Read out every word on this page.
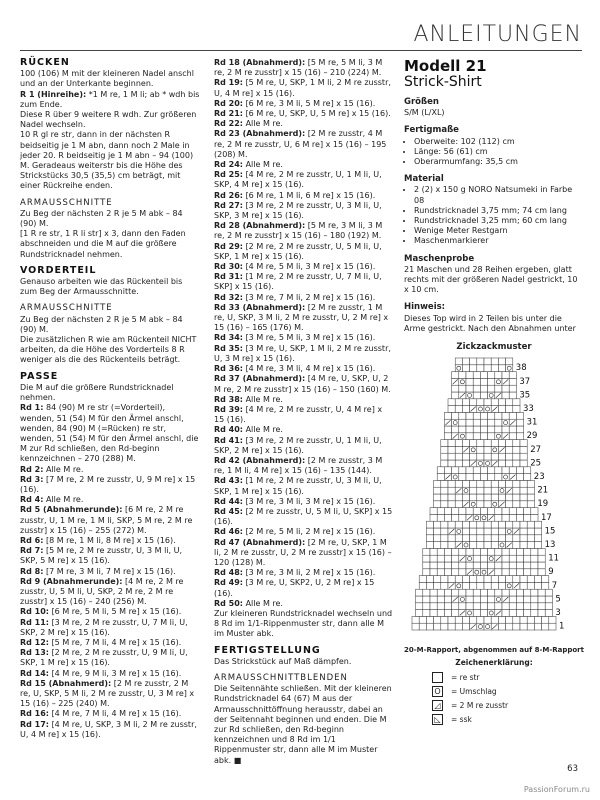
ANLEITUNGEN
RÜCKEN

100 (106) M mit der kleineren Nadel anschl und an der Unterkante beginnen.

R 1 (Hinreihe): *1 M re, 1 M li; ab * wdh bis zum Ende.

Diese R über 9 weitere R wdh. Zur größeren Nadel wechseln.

10 R gl re str, dann in der nächsten R beidseitig je 1 M abn, dann noch 2 Male in jeder 20. R beidseitig je 1 M abn – 94 (100) M. Geradeaus weiterstr bis die Höhe des Strickstücks 30,5 (35,5) cm beträgt, mit einer Rückreihe enden.

ARMAUSSCHNITTE

Zu Beg der nächsten 2 R je 5 M abk – 84 (90) M.

[1 R re str, 1 R li str] x 3, dann den Faden abschneiden und die M auf die größere Rundstricknadel nehmen.

VORDERTEIL

Genauso arbeiten wie das Rückenteil bis zum Beg der Armausschnitte.

ARMAUSSCHNITTE

Zu Beg der nächsten 2 R je 5 M abk – 84 (90) M.

Die zusätzlichen R wie am Rückenteil NICHT arbeiten, da die Höhe des Vorderteils 8 R weniger als die des Rückenteils beträgt.

PASSE

Die M auf die größere Rundstricknadel nehmen.

Rd 1: 84 (90) M re str (=Vorderteil), wenden, 51 (54) M für den Ärmel anschl, wenden, 84 (90) M (=Rücken) re str, wenden, 51 (54) M für den Ärmel anschl, die M zur Rd schließen, den Rd-beginn kennzeichnen – 270 (288) M.

Rd 2: Alle M re.

Rd 3: [7 M re, 2 M re zusstr, U, 9 M re] x 15 (16).

Rd 4: Alle M re.

Rd 5 (Abnahmerunde): [6 M re, 2 M re zusstr, U, 1 M re, 1 M li, SKP, 5 M re, 2 M re zusstr] x 15 (16) – 255 (272) M.

Rd 6: [8 M re, 1 M li, 8 M re] x 15 (16).

Rd 7: [5 M re, 2 M re zusstr, U, 3 M li, U, SKP, 5 M re] x 15 (16).

Rd 8: [7 M re, 3 M li, 7 M re] x 15 (16).

Rd 9 (Abnahmerunde): [4 M re, 2 M re zusstr, U, 5 M li, U, SKP, 2 M re, 2 M re zusstr] x 15 (16) – 240 (256) M.

Rd 10: [6 M re, 5 M li, 5 M re] x 15 (16).

Rd 11: [3 M re, 2 M re zusstr, U, 7 M li, U, SKP, 2 M re] x 15 (16).

Rd 12: [5 M re, 7 M li, 4 M re] x 15 (16).

Rd 13: [2 M re, 2 M re zusstr, U, 9 M li, U, SKP, 1 M re] x 15 (16).

Rd 14: [4 M re, 9 M li, 3 M re] x 15 (16).

Rd 15 (Abnahmerd): [2 M re zusstr, 2 M re, U, SKP, 5 M li, 2 M re zusstr, U, 3 M re] x 15 (16) – 225 (240) M.

Rd 16: [4 M re, 7 M li, 4 M re] x 15 (16).

Rd 17: [4 M re, U, SKP, 3 M li, 2 M re zusstr, U, 4 M re] x 15 (16).

Rd 18 (Abnahmerd): [5 M re, 5 M li, 3 M re, 2 M re zusstr] x 15 (16) – 210 (224) M.

Rd 19: [5 M re, U, SKP, 1 M li, 2 M re zusstr, U, 4 M re] x 15 (16).

Rd 20: [6 M re, 3 M li, 5 M re] x 15 (16).

Rd 21: [6 M re, U, SKP, U, 5 M re] x 15 (16).

Rd 22: Alle M re.

Rd 23 (Abnahmerd): [2 M re zusstr, 4 M re, 2 M re zusstr, U, 6 M re] x 15 (16) – 195 (208) M.

Rd 24: Alle M re.

Rd 25: [4 M re, 2 M re zusstr, U, 1 M li, U, SKP, 4 M re] x 15 (16).

Rd 26: [6 M re, 1 M li, 6 M re] x 15 (16).

Rd 27: [3 M re, 2 M re zusstr, U, 3 M li, U, SKP, 3 M re] x 15 (16).

Rd 28 (Abnahmerd): [5 M re, 3 M li, 3 M re, 2 M re zusstr] x 15 (16) – 180 (192) M.

Rd 29: [2 M re, 2 M re zusstr, U, 5 M li, U, SKP, 1 M re] x 15 (16).

Rd 30: [4 M re, 5 M li, 3 M re] x 15 (16).

Rd 31: [1 M re, 2 M re zusstr, U, 7 M li, U, SKP] x 15 (16).

Rd 32: [3 M re, 7 M li, 2 M re] x 15 (16).

Rd 33 (Abnahmerd): [2 M re zusstr, 1 M re, U, SKP, 3 M li, 2 M re zusstr, U, 2 M re] x 15 (16) – 165 (176) M.

Rd 34: [3 M re, 5 M li, 3 M re] x 15 (16).

Rd 35: [3 M re, U, SKP, 1 M li, 2 M re zusstr, U, 3 M re] x 15 (16).

Rd 36: [4 M re, 3 M li, 4 M re] x 15 (16).

Rd 37 (Abnahmerd): [4 M re, U, SKP, U, 2 M re, 2 M re zusstr] x 15 (16) – 150 (160) M.

Rd 38: Alle M re.

Rd 39: [4 M re, 2 M re zusstr, U, 4 M re] x 15 (16).

Rd 40: Alle M re.

Rd 41: [3 M re, 2 M re zusstr, U, 1 M li, U, SKP, 2 M re] x 15 (16).

Rd 42 (Abnahmerd): [2 M re zusstr, 3 M re, 1 M li, 4 M re] x 15 (16) – 135 (144).

Rd 43: [1 M re, 2 M re zusstr, U, 3 M li, U, SKP, 1 M re] x 15 (16).

Rd 44: [3 M re, 3 M li, 3 M re] x 15 (16).

Rd 45: [2 M re zusstr, U, 5 M li, U, SKP] x 15 (16).

Rd 46: [2 M re, 5 M li, 2 M re] x 15 (16).

Rd 47 (Abnahmerd): [2 M re, U, SKP, 1 M li, 2 M re zusstr, U, 2 M re zusstr] x 15 (16) – 120 (128) M.

Rd 48: [3 M re, 3 M li, 2 M re] x 15 (16).

Rd 49: [3 M re, U, SKP2, U, 2 M re] x 15 (16).

Rd 50: Alle M re.

Zur kleineren Rundstricknadel wechseln und 8 Rd im 1/1-Rippenmuster str, dann alle M im Muster abk.

FERTIGSTELLUNG

Das Strickstück auf Maß dämpfen.

ARMAUSSCHNITTBLENDEN

Die Seitennähte schließen. Mit der kleineren Rundstricknadel 64 (67) M aus der Armausschnittöffnung herausstr, dabei an der Seitennaht beginnen und enden. Die M zur Rd schließen, den Rd-beginn kennzeichnen und 8 Rd im 1/1 Rippenmuster str, dann alle M im Muster abk. ■

Modell 21

Strick-Shirt

Größen

S/M (L/XL)

Fertigmaße
• Oberweite: 102 (112) cm
• Länge: 56 (61) cm
• Oberarmumfang: 35,5 cm
Material
• 2 (2) x 150 g NORO Natsumeki in Farbe 08
• Rundstricknadel 3,75 mm; 74 cm lang
• Rundstricknadel 3,25 mm; 60 cm lang
• Wenige Meter Restgarn
• Maschenmarkierer
Maschenprobe

21 Maschen und 28 Reihen ergeben, glatt rechts mit der größeren Nadel gestrickt, 10 x 10 cm.

Hinweis:

Dieses Top wird in 2 Teilen bis unter die Arme gestrickt. Nach den Abnahmen unter

Zickzackmuster
1
3
5
7
9
11
13
15
17
19
21
23
25
27
29
31
33
35
37
38
20-M-Rapport, abgenommen auf 8-M-Rapport
Zeichenerklärung:
= re str
O	= Umschlag
◿	= 2 M re zusstr
◺	= ssk
63
PassionForum.ru
